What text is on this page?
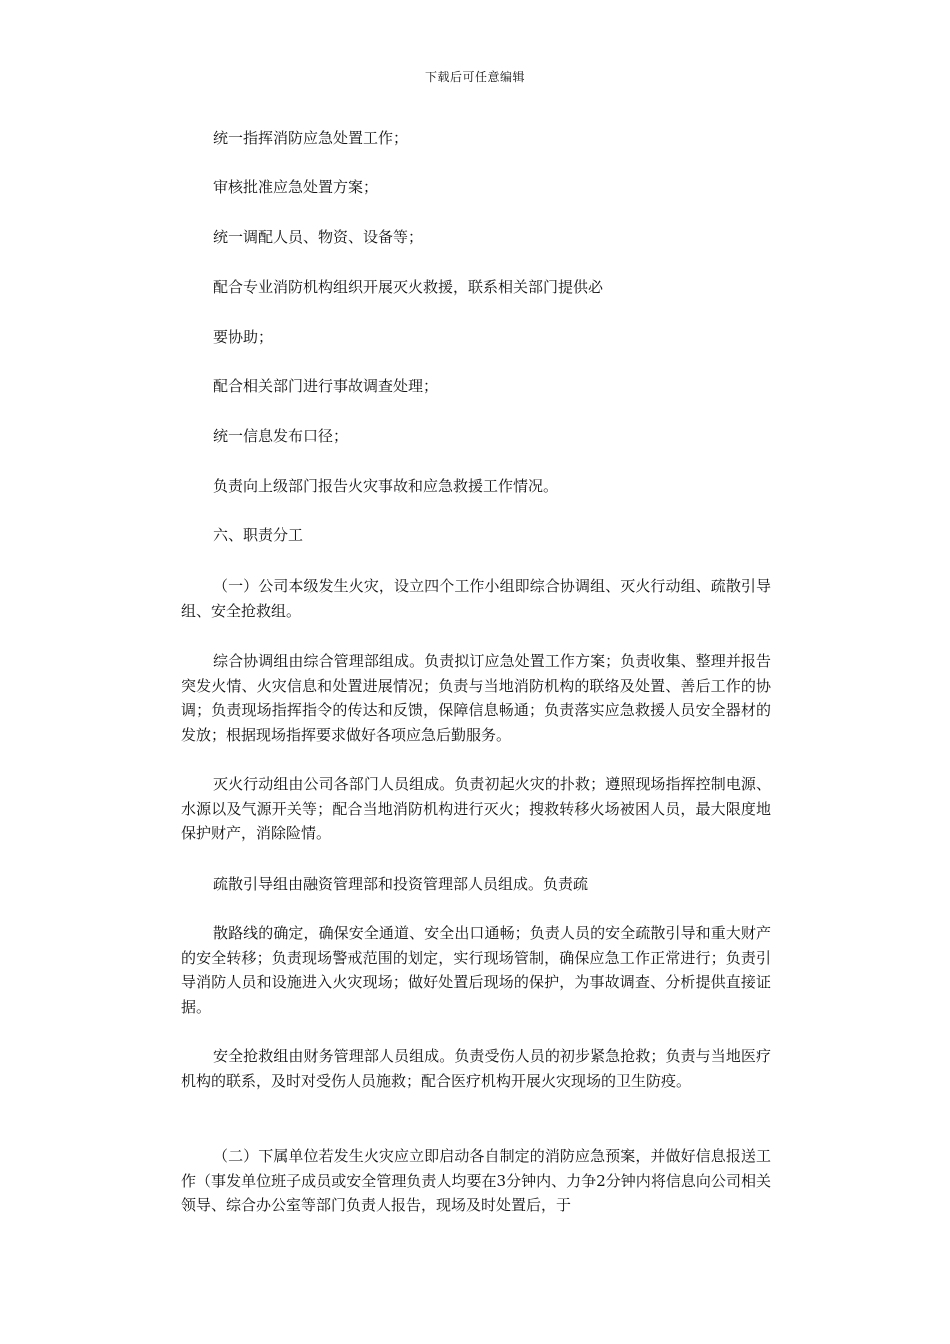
下载后可任意编辑
统一指挥消防应急处置工作；
审核批准应急处置方案；
统一调配人员、物资、设备等；
配合专业消防机构组织开展灭火救援，联系相关部门提供必
要协助；
配合相关部门进行事故调查处理；
统一信息发布口径；
负责向上级部门报告火灾事故和应急救援工作情况。
六、职责分工
（一）公司本级发生火灾，设立四个工作小组即综合协调组、灭火行动组、疏散引导组、安全抢救组。
综合协调组由综合管理部组成。负责拟订应急处置工作方案；负责收集、整理并报告突发火情、火灾信息和处置进展情况；负责与当地消防机构的联络及处置、善后工作的协调；负责现场指挥指令的传达和反馈，保障信息畅通；负责落实应急救援人员安全器材的发放；根据现场指挥要求做好各项应急后勤服务。
灭火行动组由公司各部门人员组成。负责初起火灾的扑救；遵照现场指挥控制电源、水源以及气源开关等；配合当地消防机构进行灭火；搜救转移火场被困人员，最大限度地保护财产，消除险情。
疏散引导组由融资管理部和投资管理部人员组成。负责疏
散路线的确定，确保安全通道、安全出口通畅；负责人员的安全疏散引导和重大财产的安全转移；负责现场警戒范围的划定，实行现场管制，确保应急工作正常进行；负责引导消防人员和设施进入火灾现场；做好处置后现场的保护，为事故调查、分析提供直接证据。
安全抢救组由财务管理部人员组成。负责受伤人员的初步紧急抢救；负责与当地医疗机构的联系，及时对受伤人员施救；配合医疗机构开展火灾现场的卫生防疫。
（二）下属单位若发生火灾应立即启动各自制定的消防应急预案，并做好信息报送工作（事发单位班子成员或安全管理负责人均要在3分钟内、力争2分钟内将信息向公司相关领导、综合办公室等部门负责人报告，现场及时处置后，于
